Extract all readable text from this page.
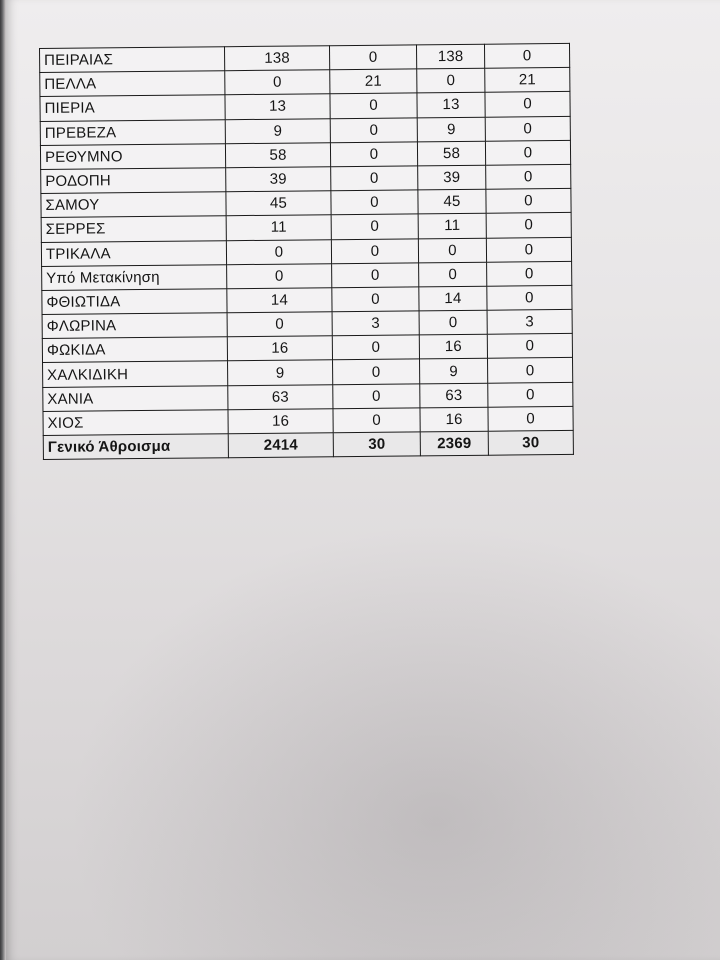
ΠΕΙΡΑΙΑΣ	138	0	138	0
ΠΕΛΛΑ	0	21	0	21
ΠΙΕΡΙΑ	13	0	13	0
ΠΡΕΒΕΖΑ	9	0	9	0
ΡΕΘΥΜΝΟ	58	0	58	0
ΡΟΔΟΠΗ	39	0	39	0
ΣΑΜΟΥ	45	0	45	0
ΣΕΡΡΕΣ	11	0	11	0
ΤΡΙΚΑΛΑ	0	0	0	0
Υπό Μετακίνηση	0	0	0	0
ΦΘΙΩΤΙΔΑ	14	0	14	0
ΦΛΩΡΙΝΑ	0	3	0	3
ΦΩΚΙΔΑ	16	0	16	0
ΧΑΛΚΙΔΙΚΗ	9	0	9	0
ΧΑΝΙΑ	63	0	63	0
ΧΙΟΣ	16	0	16	0
Γενικό Άθροισμα	2414	30	2369	30
